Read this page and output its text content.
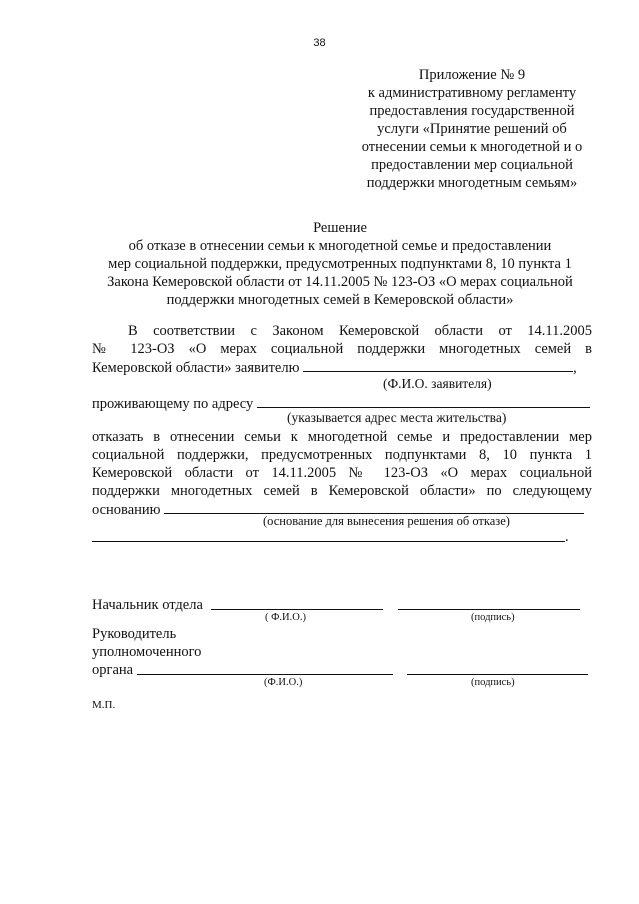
38
Приложение № 9
к административному регламенту
предоставления государственной
услуги «Принятие решений об
отнесении семьи к многодетной и о
предоставлении мер социальной
поддержки многодетным семьям»
Решение
об отказе в отнесении семьи к многодетной семье и предоставлении
мер социальной поддержки, предусмотренных подпунктами 8, 10 пункта 1
Закона Кемеровской области от 14.11.2005 № 123-ОЗ «О мерах социальной
поддержки многодетных семей в Кемеровской области»
В соответствии с Законом Кемеровской области от 14.11.2005
№ 123-ОЗ «О мерах социальной поддержки многодетных семей в
Кемеровской области» заявителю	,
(Ф.И.О. заявителя)
проживающему по адресу
(указывается адрес места жительства)
отказать в отнесении семьи к многодетной семье и предоставлении мер
социальной поддержки, предусмотренных подпунктами 8, 10 пункта 1
Кемеровской области от 14.11.2005 № 123-ОЗ «О мерах социальной
поддержки многодетных семей в Кемеровской области» по следующему
основанию
(основание для вынесения решения об отказе)
.
Начальник отдела
( Ф.И.О.)	(подпись)
Руководитель
уполномоченного
органа
(Ф.И.О.)	(подпись)
М.П.
